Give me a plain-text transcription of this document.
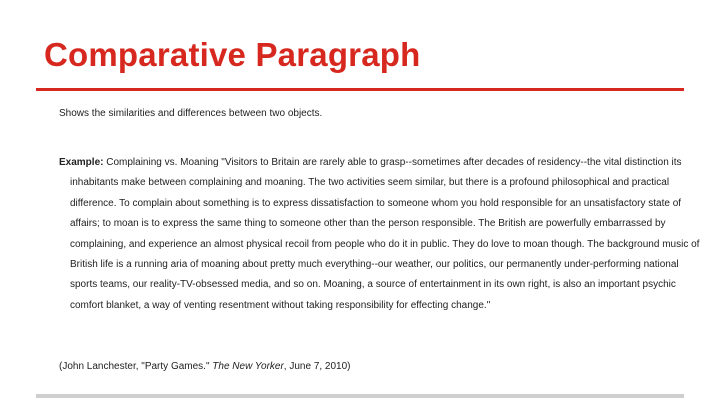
Comparative Paragraph

Shows the similarities and differences between two objects.

Example: Complaining vs. Moaning "Visitors to Britain are rarely able to grasp--sometimes after decades of residency--the vital distinction its inhabitants make between complaining and moaning. The two activities seem similar, but there is a profound philosophical and practical difference. To complain about something is to express dissatisfaction to someone whom you hold responsible for an unsatisfactory state of affairs; to moan is to express the same thing to someone other than the person responsible. The British are powerfully embarrassed by complaining, and experience an almost physical recoil from people who do it in public. They do love to moan though. The background music of British life is a running aria of moaning about pretty much everything--our weather, our politics, our permanently under-performing national sports teams, our reality-TV-obsessed media, and so on. Moaning, a source of entertainment in its own right, is also an important psychic comfort blanket, a way of venting resentment without taking responsibility for effecting change."

(John Lanchester, "Party Games." The New Yorker, June 7, 2010)
